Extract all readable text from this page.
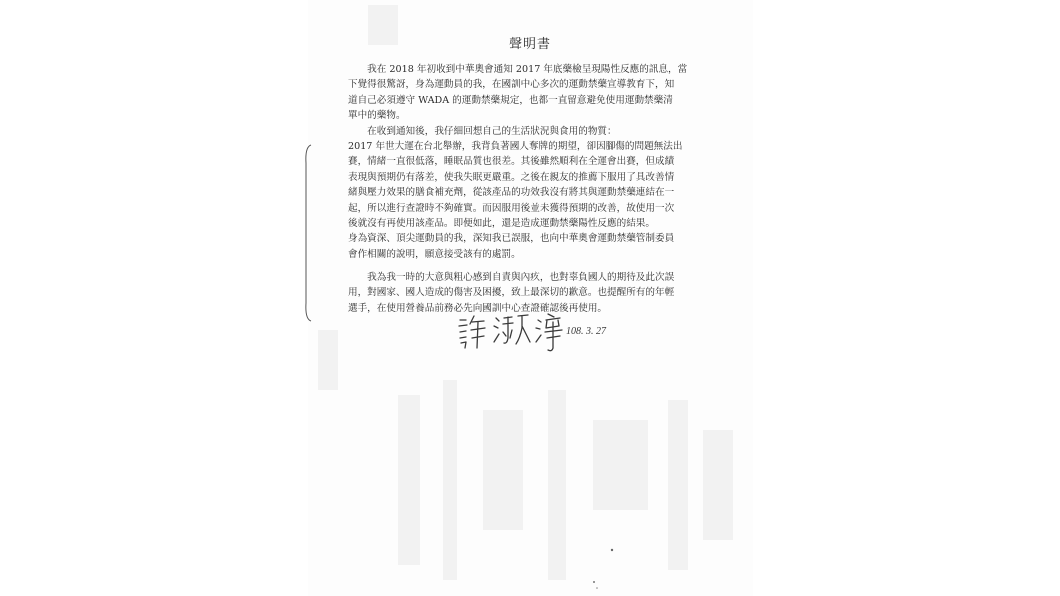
聲明書
　　我在 2018 年初收到中華奧會通知 2017 年底藥檢呈現陽性反應的訊息，當
下覺得很驚訝，身為運動員的我，在國訓中心多次的運動禁藥宣導教育下，知
道自己必須遵守 WADA 的運動禁藥規定，也都一直留意避免使用運動禁藥清
單中的藥物。
　　在收到通知後，我仔細回想自己的生活狀況與食用的物質：
2017 年世大運在台北舉辦，我背負著國人奪牌的期望，卻因腳傷的問題無法出
賽，情緒一直很低落，睡眠品質也很差。其後雖然順利在全運會出賽，但成績
表現與預期仍有落差，使我失眠更嚴重。之後在親友的推薦下服用了具改善情
緒與壓力效果的膳食補充劑，從該產品的功效我沒有將其與運動禁藥連結在一
起，所以進行查證時不夠確實。而因服用後並未獲得預期的改善，故使用一次
後就沒有再使用該產品。即便如此，還是造成運動禁藥陽性反應的結果。
身為資深、頂尖運動員的我，深知我已誤服，也向中華奧會運動禁藥管制委員
會作相關的說明，願意接受該有的處罰。
　　我為我一時的大意與粗心感到自責與內疚，也對辜負國人的期待及此次誤
用，對國家、國人造成的傷害及困擾，致上最深切的歉意。也提醒所有的年輕
選手，在使用營養品前務必先向國訓中心查證確認後再使用。
108. 3. 27
